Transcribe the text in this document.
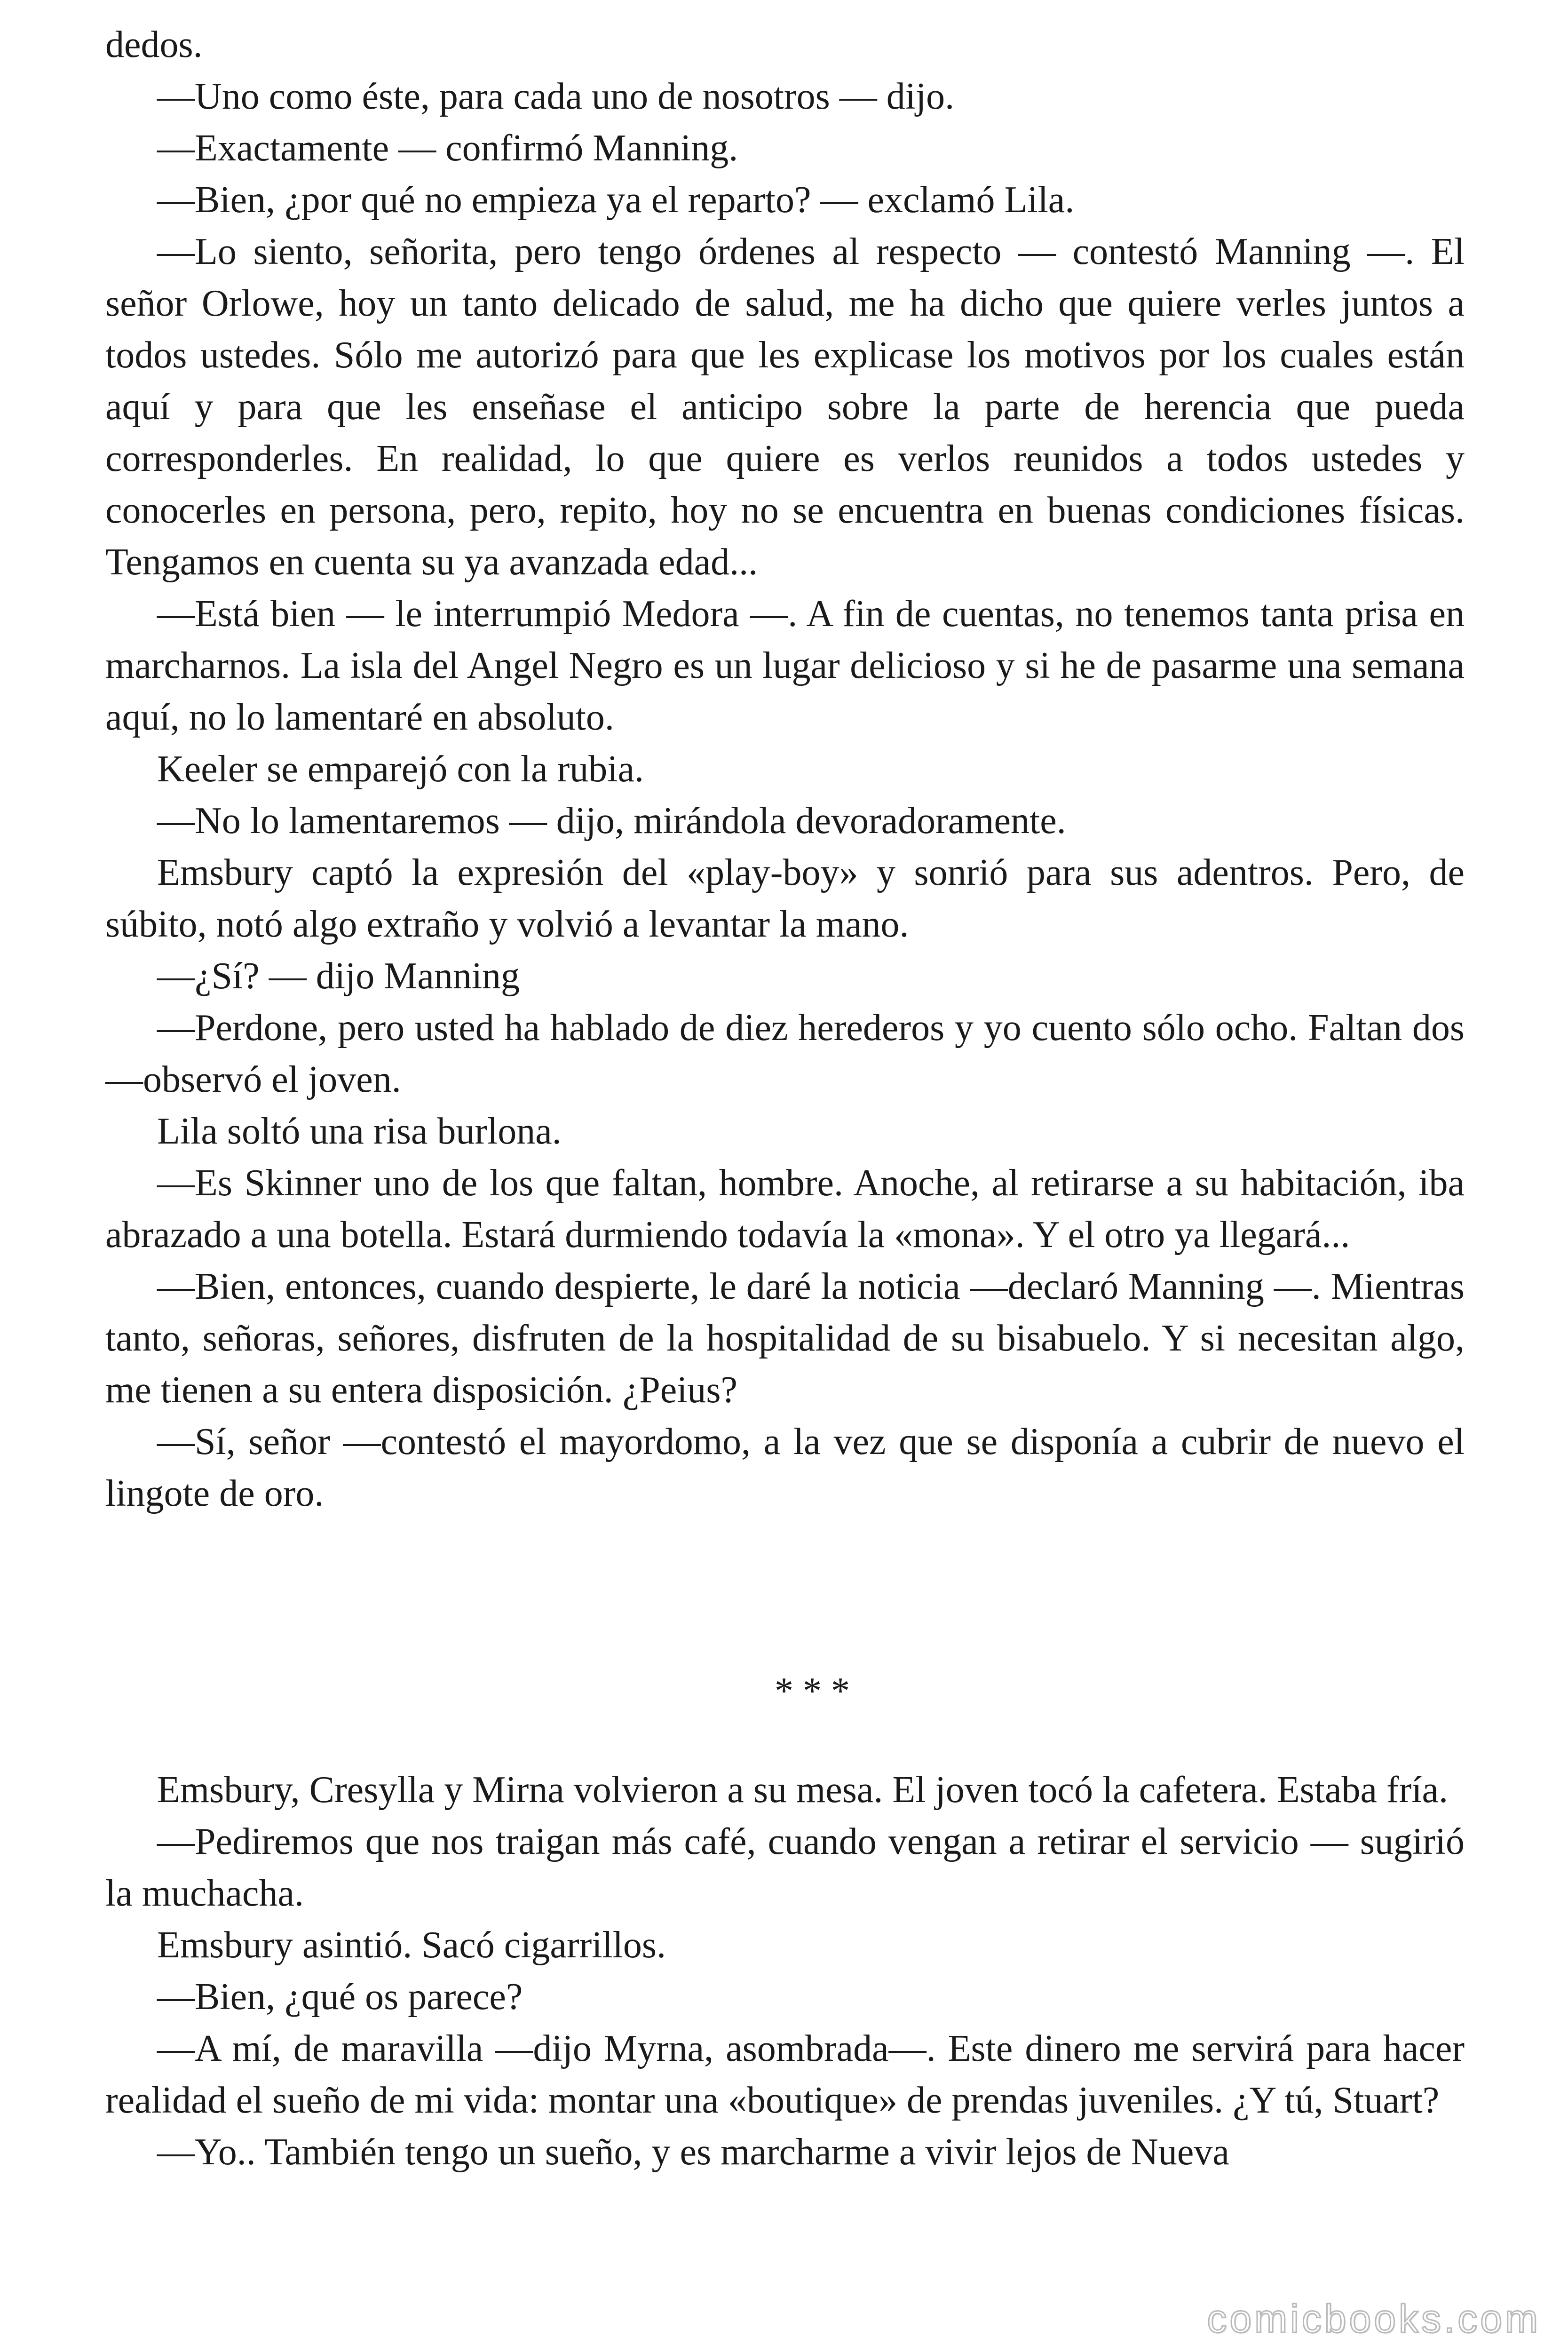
dedos.

—Uno como éste, para cada uno de nosotros — dijo.

—Exactamente — confirmó Manning.

—Bien, ¿por qué no empieza ya el reparto? — exclamó Lila.

—Lo siento, señorita, pero tengo órdenes al respecto — contestó Manning —. El señor Orlowe, hoy un tanto delicado de salud, me ha dicho que quiere verles juntos a todos ustedes. Sólo me autorizó para que les explicase los motivos por los cuales están aquí y para que les enseñase el anticipo sobre la parte de herencia que pueda corresponderles. En realidad, lo que quiere es verlos reunidos a todos ustedes y conocerles en persona, pero, repito, hoy no se encuentra en buenas condiciones físicas. Tengamos en cuenta su ya avanzada edad...

—Está bien — le interrumpió Medora —. A fin de cuentas, no tenemos tanta prisa en marcharnos. La isla del Angel Negro es un lugar delicioso y si he de pasarme una semana aquí, no lo lamentaré en absoluto.

Keeler se emparejó con la rubia.

—No lo lamentaremos — dijo, mirándola devoradoramente.

Emsbury captó la expresión del «play-boy» y sonrió para sus adentros. Pero, de súbito, notó algo extraño y volvió a levantar la mano.

—¿Sí? — dijo Manning

—Perdone, pero usted ha hablado de diez herederos y yo cuento sólo ocho. Faltan dos—observó el joven.

Lila soltó una risa burlona.

—Es Skinner uno de los que faltan, hombre. Anoche, al retirarse a su habitación, iba abrazado a una botella. Estará durmiendo todavía la «mona». Y el otro ya llegará...

—Bien, entonces, cuando despierte, le daré la noticia —declaró Manning —. Mientras tanto, señoras, señores, disfruten de la hospitalidad de su bisabuelo. Y si necesitan algo, me tienen a su entera disposición. ¿Peius?

—Sí, señor —contestó el mayordomo, a la vez que se disponía a cubrir de nuevo el lingote de oro.

* * *

Emsbury, Cresylla y Mirna volvieron a su mesa. El joven tocó la cafetera. Estaba fría.

—Pediremos que nos traigan más café, cuando vengan a retirar el servicio — sugirió la muchacha.

Emsbury asintió. Sacó cigarrillos.

—Bien, ¿qué os parece?

—A mí, de maravilla —dijo Myrna, asombrada—. Este dinero me servirá para hacer realidad el sueño de mi vida: montar una «boutique» de prendas juveniles. ¿Y tú, Stuart?

—Yo.. También tengo un sueño, y es marcharme a vivir lejos de Nueva

comicbooks.com
